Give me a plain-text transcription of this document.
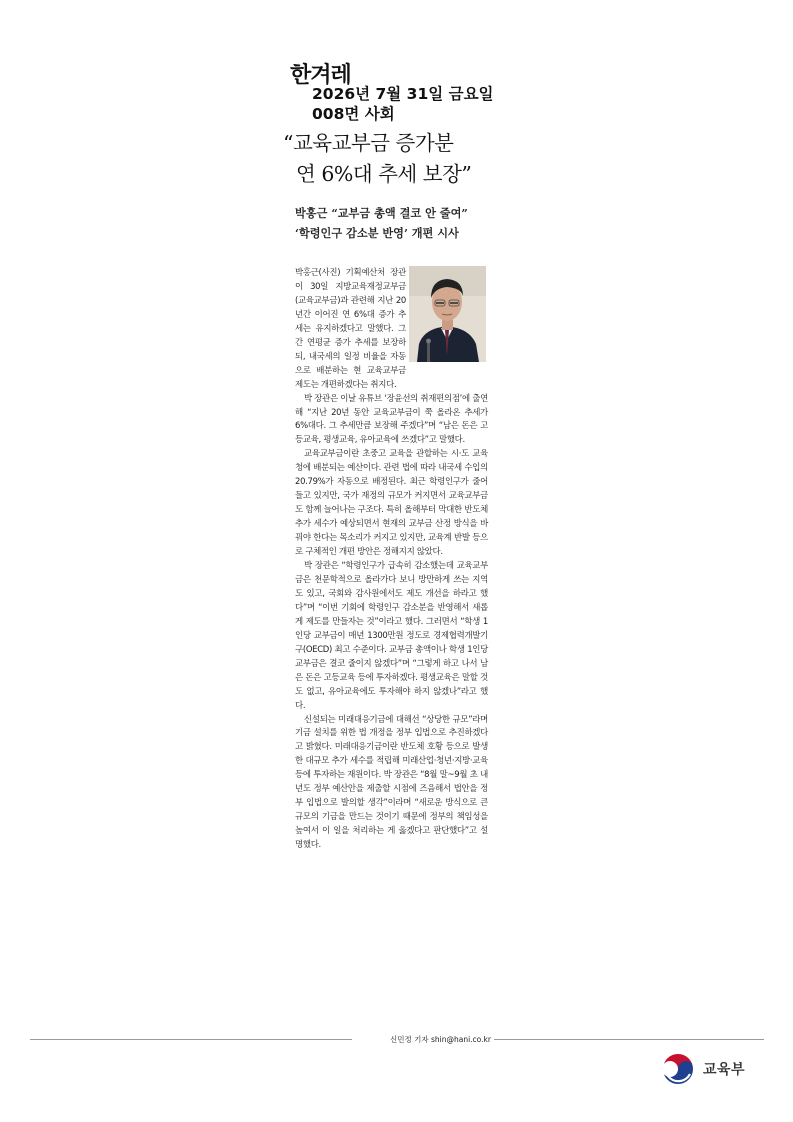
한겨레
2026년 7월 31일 금요일
008면 사회
“교육교부금 증가분
연 6%대 추세 보장”
박홍근 “교부금 총액 결코 안 줄여”
‘학령인구 감소분 반영’ 개편 시사

박홍근(사진) 기획예산처 장관이 30일 지방교육재정교부금(교육교부금)과 관련해 지난 20년간 이어진 연 6%대 증가 추세는 유지하겠다고 말했다. 그간 연평균 증가 추세를 보장하되, 내국세의 일정 비율을 자동으로 배분하는 현 교육교부금 제도는 개편하겠다는 취지다.

박 장관은 이날 유튜브 ‘장윤선의 취재편의점’에 출연해 “지난 20년 동안 교육교부금이 쭉 올라온 추세가 6%대다. 그 추세만큼 보장해 주겠다”며 “남은 돈은 고등교육, 평생교육, 유아교육에 쓰겠다”고 말했다.

교육교부금이란 초중고 교육을 관할하는 시·도 교육청에 배분되는 예산이다. 관련 법에 따라 내국세 수입의 20.79%가 자동으로 배정된다. 최근 학령인구가 줄어들고 있지만, 국가 재정의 규모가 커지면서 교육교부금도 함께 늘어나는 구조다. 특히 올해부터 막대한 반도체 추가 세수가 예상되면서 현재의 교부금 산정 방식을 바꿔야 한다는 목소리가 커지고 있지만, 교육계 반발 등으로 구체적인 개편 방안은 정해지지 않았다.

박 장관은 “학령인구가 급속히 감소했는데 교육교부금은 천문학적으로 올라가다 보니 방만하게 쓰는 지역도 있고, 국회와 감사원에서도 제도 개선을 하라고 했다”며 “이번 기회에 학령인구 감소분을 반영해서 새롭게 제도를 만들자는 것”이라고 했다. 그러면서 “학생 1인당 교부금이 매년 1300만원 정도로 경제협력개발기구(OECD) 최고 수준이다. 교부금 총액이나 학생 1인당 교부금은 결코 줄이지 않겠다”며 “그렇게 하고 나서 남은 돈은 고등교육 등에 투자하겠다. 평생교육은 말할 것도 없고, 유아교육에도 투자해야 하지 않겠나”라고 했다.

신설되는 미래대응기금에 대해선 “상당한 규모”라며 기금 설치를 위한 법 개정을 정부 입법으로 추진하겠다고 밝혔다. 미래대응기금이란 반도체 호황 등으로 발생한 대규모 추가 세수를 적립해 미래산업·청년·지방·교육 등에 투자하는 재원이다. 박 장관은 “8월 말~9월 초 내년도 정부 예산안을 제출할 시점에 즈음해서 법안을 정부 입법으로 발의할 생각”이라며 “새로운 방식으로 큰 규모의 기금을 만드는 것이기 때문에 정부의 책임성을 높여서 이 일을 처리하는 게 옳겠다고 판단했다”고 설명했다.

신민정 기자 shin@hani.co.kr
교육부
